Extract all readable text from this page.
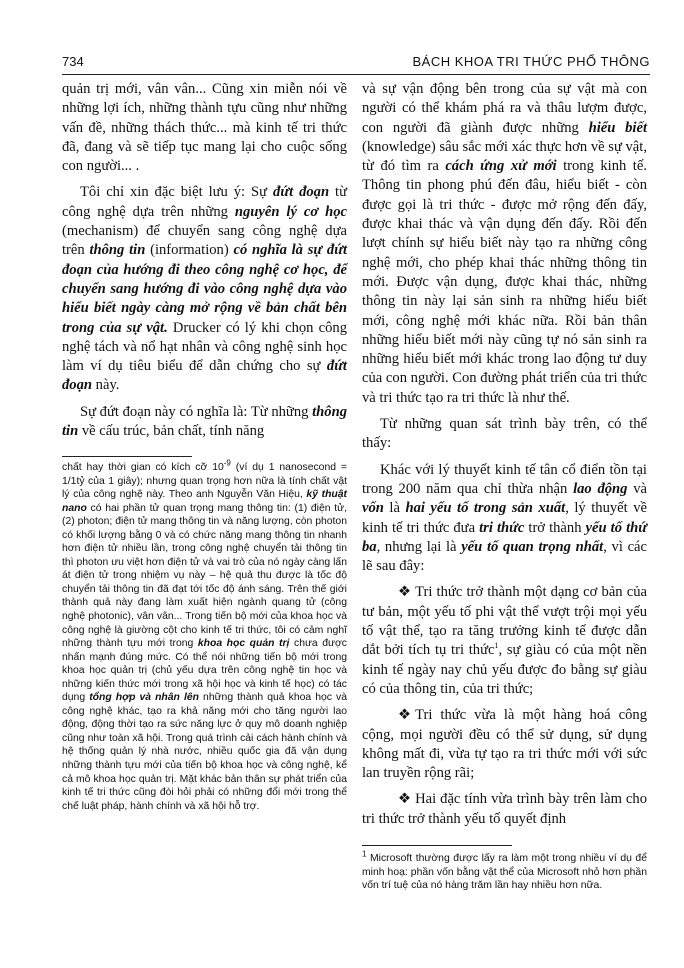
734	BÁCH KHOA TRI THỨC PHỔ THÔNG

quản trị mới, vân vân... Cũng xin miễn nói về những lợi ích, những thành tựu cũng như những vấn đề, những thách thức... mà kinh tế tri thức đã, đang và sẽ tiếp tục mang lại cho cuộc sống con người... .

Tôi chỉ xin đặc biệt lưu ý: Sự đứt đoạn từ công nghệ dựa trên những nguyên lý cơ học (mechanism) để chuyển sang công nghệ dựa trên thông tin (information) có nghĩa là sự đứt đoạn của hướng đi theo công nghệ cơ học, để chuyển sang hướng đi vào công nghệ dựa vào hiểu biết ngày càng mở rộng về bản chất bên trong của sự vật. Drucker có lý khi chọn công nghệ tách và nổ hạt nhân và công nghệ sinh học làm ví dụ tiêu biểu để dẫn chứng cho sự đứt đoạn này.

Sự đứt đoạn này có nghĩa là: Từ những thông tin về cấu trúc, bản chất, tính năng

chất hay thời gian có kích cỡ $10^{-9}$ (ví dụ 1 nanosecond = 1/1tỷ của 1 giây); nhưng quan trọng hơn nữa là tính chất vật lý của công nghệ này. Theo anh Nguyễn Văn Hiệu, kỹ thuật nano có hai phần tử quan trọng mang thông tin: (1) điện tử, (2) photon; điện tử mang thông tin và năng lượng, còn photon có khối lượng bằng 0 và có chức năng mang thông tin nhanh hơn điện tử nhiều lần, trong công nghệ chuyển tải thông tin thì photon ưu việt hơn điện tử và vai trò của nó ngày càng lấn át điện tử trong nhiệm vụ này – hệ quả thu được là tốc độ chuyển tải thông tin đã đạt tới tốc độ ánh sáng. Trên thế giới thành quả này đang làm xuất hiện ngành quang tử (công nghệ photonic), vân vân... Trong tiến bộ mới của khoa học và công nghệ là giường cột cho kinh tế tri thức, tôi có cảm nghĩ những thành tựu mới trong khoa học quản trị chưa được nhấn mạnh đúng mức. Có thể nói những tiến bộ mới trong khoa học quản trị (chủ yếu dựa trên công nghệ tin học và những kiến thức mới trong xã hội học và kinh tế học) có tác dụng tổng hợp và nhân lên những thành quả khoa học và công nghệ khác, tạo ra khả năng mới cho tăng người lao động, động thời tạo ra sức năng lực ở quy mô doanh nghiệp cũng như toàn xã hội. Trong quá trình cải cách hành chính và hệ thống quản lý nhà nước, nhiều quốc gia đã vận dụng những thành tựu mới của tiến bộ khoa học và công nghệ, kể cả mô khoa học quản trị. Mặt khác bản thân sự phát triển của kinh tế tri thức cũng đòi hỏi phải có những đổi mới trong thể chế luật pháp, hành chính và xã hội hỗ trợ.

và sự vận động bên trong của sự vật mà con người có thể khám phá ra và thâu lượm được, con người đã giành được những hiểu biết (knowledge) sâu sắc mới xác thực hơn về sự vật, từ đó tìm ra cách ứng xử mới trong kinh tế. Thông tin phong phú đến đâu, hiểu biết - còn được gọi là tri thức - được mở rộng đến đấy, được khai thác và vận dụng đến đấy. Rồi đến lượt chính sự hiểu biết này tạo ra những công nghệ mới, cho phép khai thác những thông tin mới. Được vận dụng, được khai thác, những thông tin này lại sản sinh ra những hiểu biết mới, công nghệ mới khác nữa. Rồi bản thân những hiểu biết mới này cũng tự nó sản sinh ra những hiểu biết mới khác trong lao động tư duy của con người. Con đường phát triển của tri thức và tri thức tạo ra tri thức là như thế.

Từ những quan sát trình bày trên, có thể thấy:

Khác với lý thuyết kinh tế tân cổ điển tồn tại trong 200 năm qua chỉ thừa nhận lao động và vốn là hai yếu tố trong sản xuất, lý thuyết về kinh tế tri thức đưa tri thức trở thành yếu tố thứ ba, nhưng lại là yếu tố quan trọng nhất, vì các lẽ sau đây:

❖ Tri thức trở thành một dạng cơ bản của tư bản, một yếu tố phi vật thể vượt trội mọi yếu tố vật thể, tạo ra tăng trưởng kinh tế được dẫn dắt bởi tích tụ tri thức$^1$, sự giàu có của một nền kinh tế ngày nay chủ yếu được đo bằng sự giàu có của thông tin, của tri thức;

❖ Tri thức vừa là một hàng hoá công cộng, mọi người đều có thể sử dụng, sử dụng không mất đi, vừa tự tạo ra tri thức mới với sức lan truyền rộng rãi;

❖ Hai đặc tính vừa trình bày trên làm cho tri thức trở thành yếu tố quyết định

$^1$ Microsoft thường được lấy ra làm một trong nhiều ví dụ để minh hoạ: phần vốn bằng vật thể của Microsoft nhỏ hơn phần vốn trí tuệ của nó hàng trăm lần hay nhiều hơn nữa.
